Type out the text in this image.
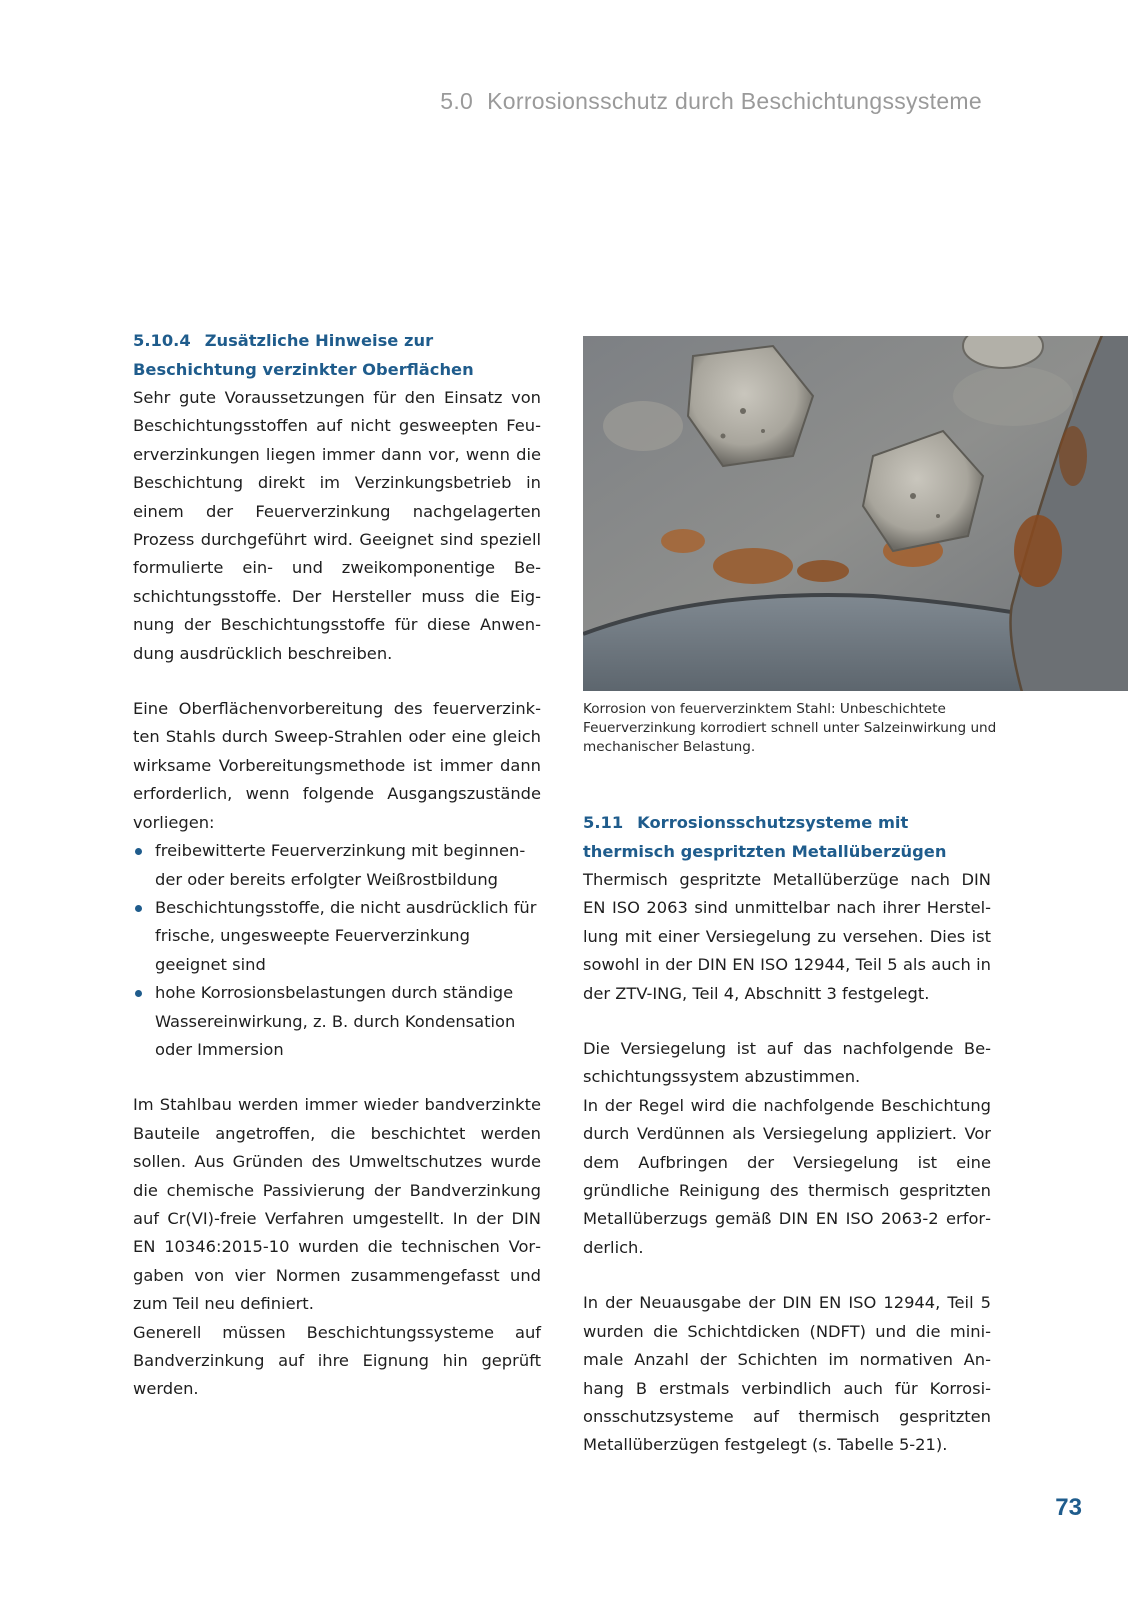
5.0 Korrosionsschutz durch Beschichtungssysteme
5.10.4 Zusätzliche Hinweise zur
Beschichtung verzinkter Oberflächen

Sehr gute Voraussetzungen für den Einsatz von Beschichtungsstoffen auf nicht gesweepten Feuerverzinkungen liegen immer dann vor, wenn die Beschichtung direkt im Verzinkungsbetrieb in einem der Feuerverzinkung nachgelagerten Prozess durchgeführt wird. Geeignet sind speziell formulierte ein- und zweikomponentige Beschichtungsstoffe. Der Hersteller muss die Eignung der Beschichtungsstoffe für diese Anwendung ausdrücklich beschreiben.

Eine Oberflächenvorbereitung des feuerverzinkten Stahls durch Sweep-Strahlen oder eine gleich wirksame Vorbereitungsmethode ist immer dann erforderlich, wenn folgende Ausgangszustände vorliegen:

freibewitterte Feuerverzinkung mit beginnender oder bereits erfolgter Weißrostbildung
Beschichtungsstoffe, die nicht ausdrücklich für frische, ungesweepte Feuerverzinkung geeignet sind
hohe Korrosionsbelastungen durch ständige Wassereinwirkung, z. B. durch Kondensation oder Immersion

Im Stahlbau werden immer wieder bandverzinkte Bauteile angetroffen, die beschichtet werden sollen. Aus Gründen des Umweltschutzes wurde die chemische Passivierung der Bandverzinkung auf Cr(VI)-freie Verfahren umgestellt. In der DIN EN 10346:2015-10 wurden die technischen Vorgaben von vier Normen zusammengefasst und zum Teil neu definiert.

Generell müssen Beschichtungssysteme auf Bandverzinkung auf ihre Eignung hin geprüft werden.

Korrosion von feuerverzinktem Stahl: Unbeschichtete Feuerverzinkung korrodiert schnell unter Salzeinwirkung und mechanischer Belastung.
5.11 Korrosionsschutzsysteme mit
thermisch gespritzten Metallüberzügen

Thermisch gespritzte Metallüberzüge nach DIN EN ISO 2063 sind unmittelbar nach ihrer Herstellung mit einer Versiegelung zu versehen. Dies ist sowohl in der DIN EN ISO 12944, Teil 5 als auch in der ZTV-ING, Teil 4, Abschnitt 3 festgelegt.

Die Versiegelung ist auf das nachfolgende Beschichtungssystem abzustimmen.

In der Regel wird die nachfolgende Beschichtung durch Verdünnen als Versiegelung appliziert. Vor dem Aufbringen der Versiegelung ist eine gründliche Reinigung des thermisch gespritzten Metallüberzugs gemäß DIN EN ISO 2063-2 erforderlich.

In der Neuausgabe der DIN EN ISO 12944, Teil 5 wurden die Schichtdicken (NDFT) und die minimale Anzahl der Schichten im normativen Anhang B erstmals verbindlich auch für Korrosionsschutzsysteme auf thermisch gespritzten Metallüberzügen festgelegt (s. Tabelle 5-21).

73
